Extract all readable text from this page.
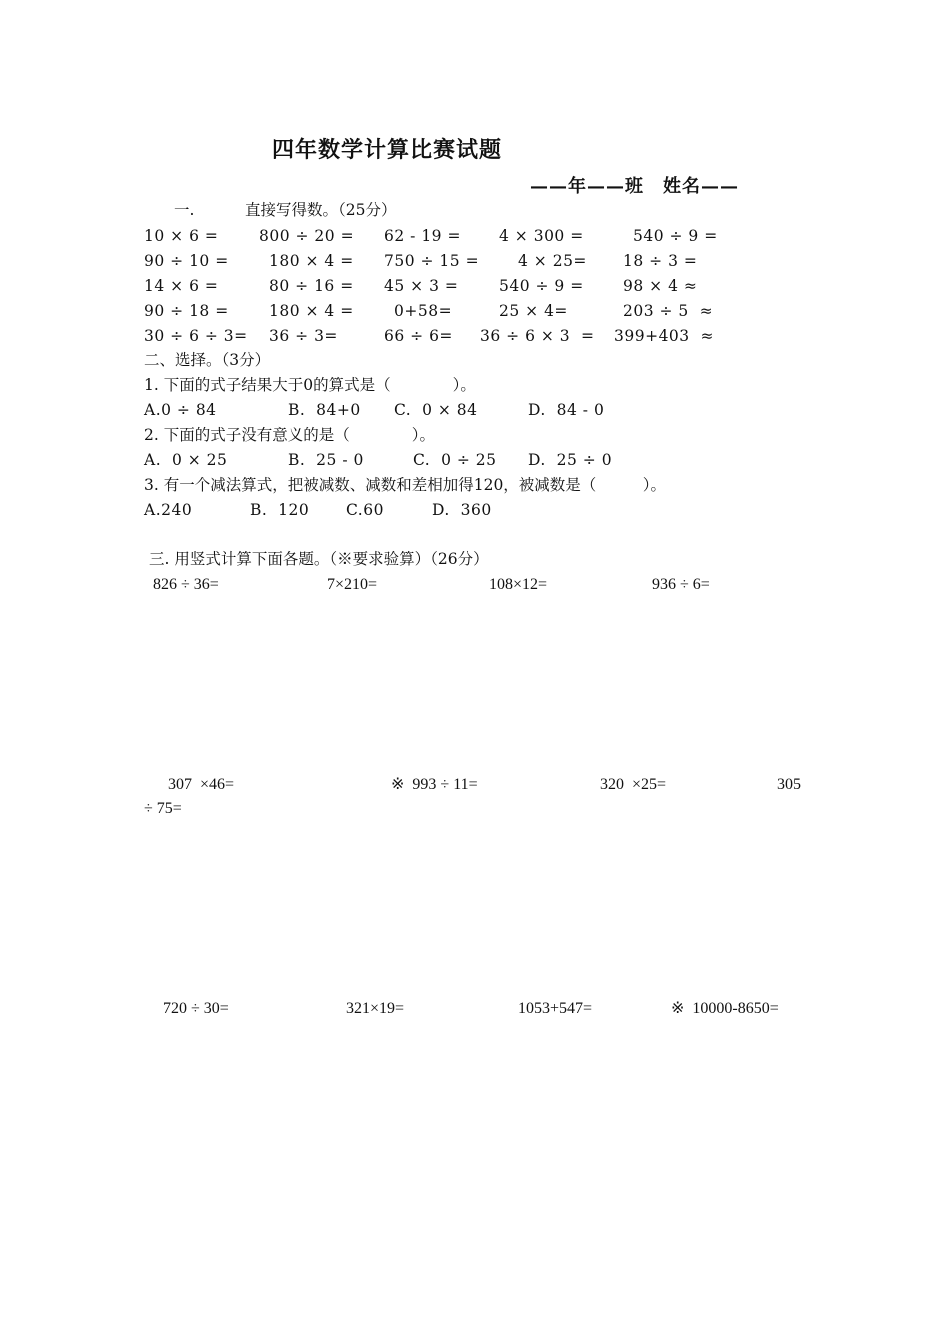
四年数学计算比赛试题
——年——班　姓名——
一.	直接写得数。（25分）
10 × 6 =	800 ÷ 20 = 62 - 19 = 4 × 300 =	540 ÷ 9 =
90 ÷ 10 =	180 × 4 = 750 ÷ 15 =	4 × 25= 18 ÷ 3 =
14 × 6 =	80 ÷ 16 = 45 × 3 =	540 ÷ 9 =	98 × 4 ≈
90 ÷ 18 =	180 × 4 =	0+58=	25 × 4=	203 ÷ 5  ≈
30 ÷ 6 ÷ 3= 36 ÷ 3=	66 ÷ 6= 36 ÷ 6 × 3  = 399+403  ≈
二、选择。（3分）
1. 下面的式子结果大于0的算式是（　　　　）。
A.0 ÷ 84	B.  84+0 C.  0 × 84	D.  84 - 0
2. 下面的式子没有意义的是（　　　　）。
A.  0 × 25	B.  25 - 0	C.  0 ÷ 25 D.  25 ÷ 0
3. 有一个减法算式，把被减数、减数和差相加得120，被减数是（　　　）。
A.240	B.  120 C.60	D.  360
三. 用竖式计算下面各题。（※要求验算）（26分）
826 ÷ 36=	7×210=	108×12=	936 ÷ 6=
307  ×46=	※  993 ÷ 11=	320  ×25=	305
÷ 75=
720 ÷ 30=	321×19=	1053+547=	※  10000-8650=
